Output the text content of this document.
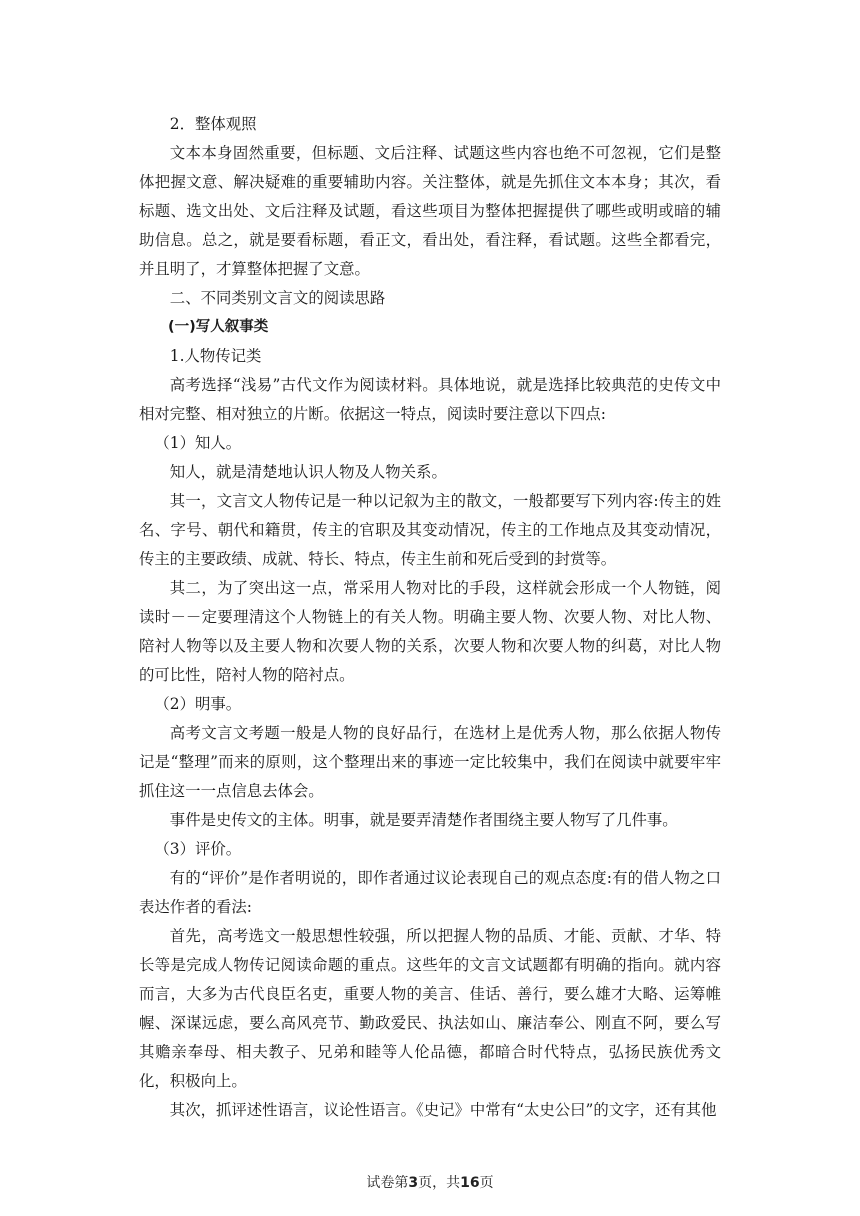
2．整体观照

文本本身固然重要，但标题、文后注释、试题这些内容也绝不可忽视，它们是整体把握文意、解决疑难的重要辅助内容。关注整体，就是先抓住文本本身；其次，看标题、选文出处、文后注释及试题，看这些项目为整体把握提供了哪些或明或暗的辅助信息。总之，就是要看标题，看正文，看出处，看注释，看试题。这些全都看完，并且明了，才算整体把握了文意。

二、不同类别文言文的阅读思路
(一)写人叙事类
1.人物传记类

高考选择“浅易”古代文作为阅读材料。具体地说，就是选择比较典范的史传文中相对完整、相对独立的片断。依据这一特点，阅读时要注意以下四点:

（1）知人。

知人，就是清楚地认识人物及人物关系。

其一，文言文人物传记是一种以记叙为主的散文，一般都要写下列内容:传主的姓名、字号、朝代和籍贯，传主的官职及其变动情况，传主的工作地点及其变动情况，传主的主要政绩、成就、特长、特点，传主生前和死后受到的封赏等。

其二，为了突出这一点，常采用人物对比的手段，这样就会形成一个人物链，阅读时－－定要理清这个人物链上的有关人物。明确主要人物、次要人物、对比人物、陪衬人物等以及主要人物和次要人物的关系，次要人物和次要人物的纠葛，对比人物的可比性，陪衬人物的陪衬点。

（2）明事。

高考文言文考题一般是人物的良好品行，在选材上是优秀人物，那么依据人物传记是“整理”而来的原则，这个整理出来的事迹一定比较集中，我们在阅读中就要牢牢抓住这一一点信息去体会。

事件是史传文的主体。明事，就是要弄清楚作者围绕主要人物写了几件事。

（3）评价。

有的“评价”是作者明说的，即作者通过议论表现自己的观点态度:有的借人物之口表达作者的看法:

首先，高考选文一般思想性较强，所以把握人物的品质、才能、贡献、才华、特长等是完成人物传记阅读命题的重点。这些年的文言文试题都有明确的指向。就内容而言，大多为古代良臣名吏，重要人物的美言、佳话、善行，要么雄才大略、运筹帷幄、深谋远虑，要么高风亮节、勤政爱民、执法如山、廉洁奉公、刚直不阿，要么写其赡亲奉母、相夫教子、兄弟和睦等人伦品德，都暗合时代特点，弘扬民族优秀文化，积极向上。

其次，抓评述性语言，议论性语言。《史记》中常有“太史公曰”的文字，还有其他

试卷第3页，共16页
